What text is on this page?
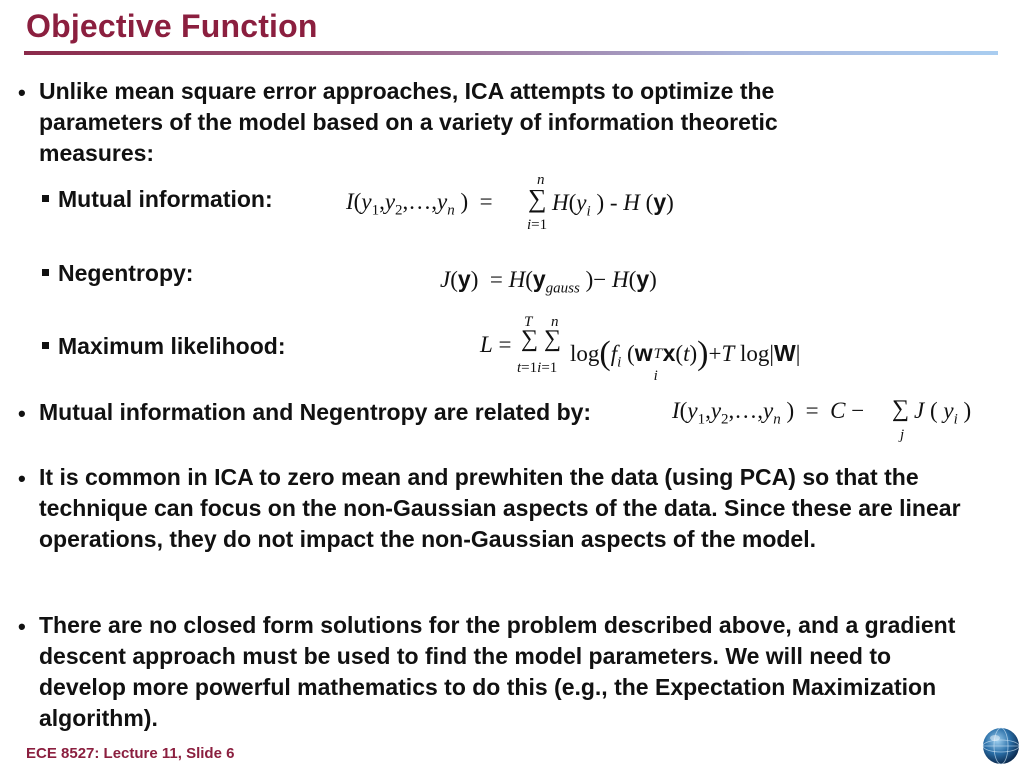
Objective Function
• Unlike mean square error approaches, ICA attempts to optimize the parameters of the model based on a variety of information theoretic measures:
Mutual information:	$I(y_1,y_2,\dots,y_n$ )  =
n
∑
i=1
$H(y_i$ ) - H (y)
Negentropy:	$J(y) = H(y_{gauss}$ )− H(y)
Maximum likelihood:	L =
T n
∑ ∑
t=1i=1
$\log(f_i$ (w T
i
x(t))+T log|W|
• Mutual information and Negentropy are related by:	$I(y_1,y_2,\dots,y_n$ )  =  C − ∑
j
J ( $y_i$ )
• It is common in ICA to zero mean and prewhiten the data (using PCA) so that the technique can focus on the non-Gaussian aspects of the data. Since these are linear operations, they do not impact the non-Gaussian aspects of the model.
• There are no closed form solutions for the problem described above, and a gradient descent approach must be used to find the model parameters. We will need to develop more powerful mathematics to do this (e.g., the Expectation Maximization algorithm).
ECE 8527: Lecture 11, Slide 6
